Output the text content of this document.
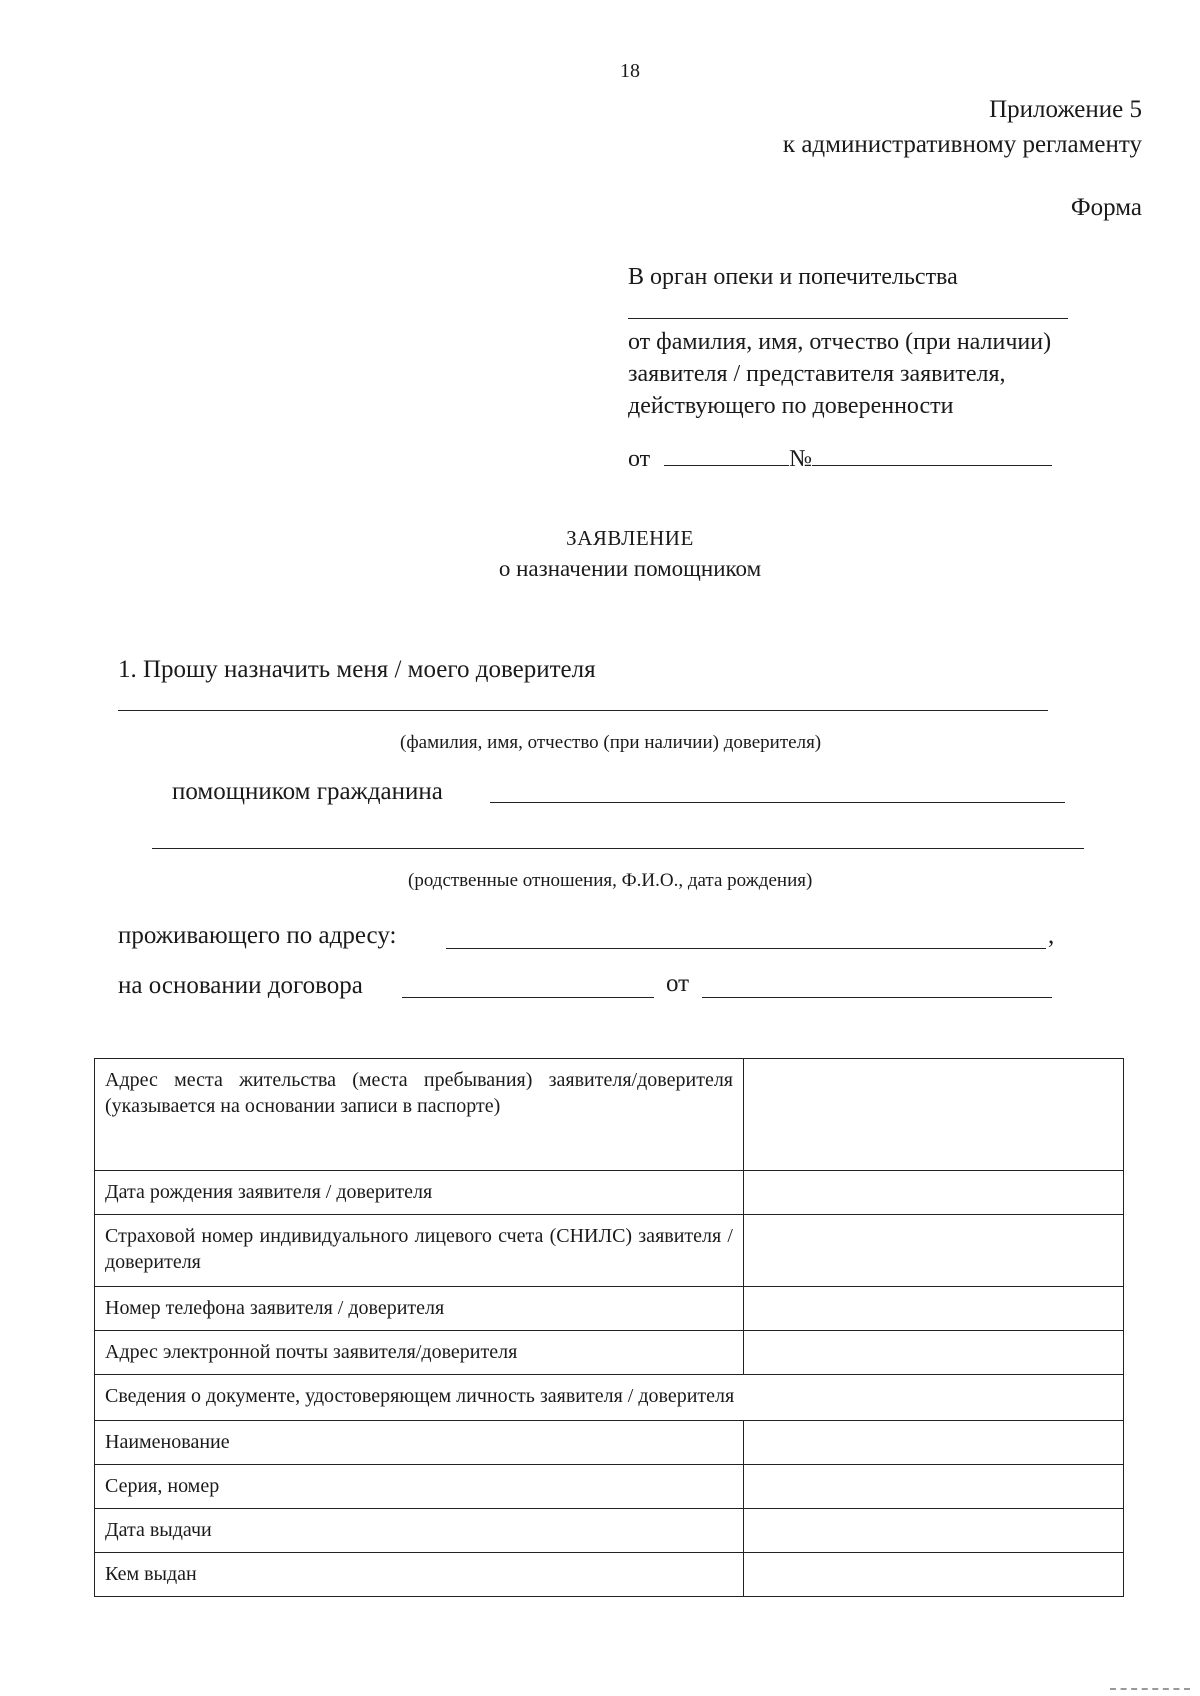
18
Приложение 5
к административному регламенту
Форма
В орган опеки и попечительства
от фамилия, имя, отчество (при наличии) заявителя / представителя заявителя, действующего по доверенности
от	№
ЗАЯВЛЕНИЕ
о назначении помощником
1. Прошу назначить меня / моего доверителя
(фамилия, имя, отчество (при наличии) доверителя)
помощником гражданина
(родственные отношения, Ф.И.О., дата рождения)
проживающего по адресу:	,
на основании договора	от
Адрес места жительства (места пребывания) заявителя/доверителя (указывается на основании записи в паспорте)	
Дата рождения заявителя / доверителя	
Страховой номер индивидуального лицевого счета (СНИЛС) заявителя / доверителя	
Номер телефона заявителя / доверителя	
Адрес электронной почты заявителя/доверителя	
Сведения о документе, удостоверяющем личность заявителя / доверителя	
Наименование	
Серия, номер	
Дата выдачи	
Кем выдан	
